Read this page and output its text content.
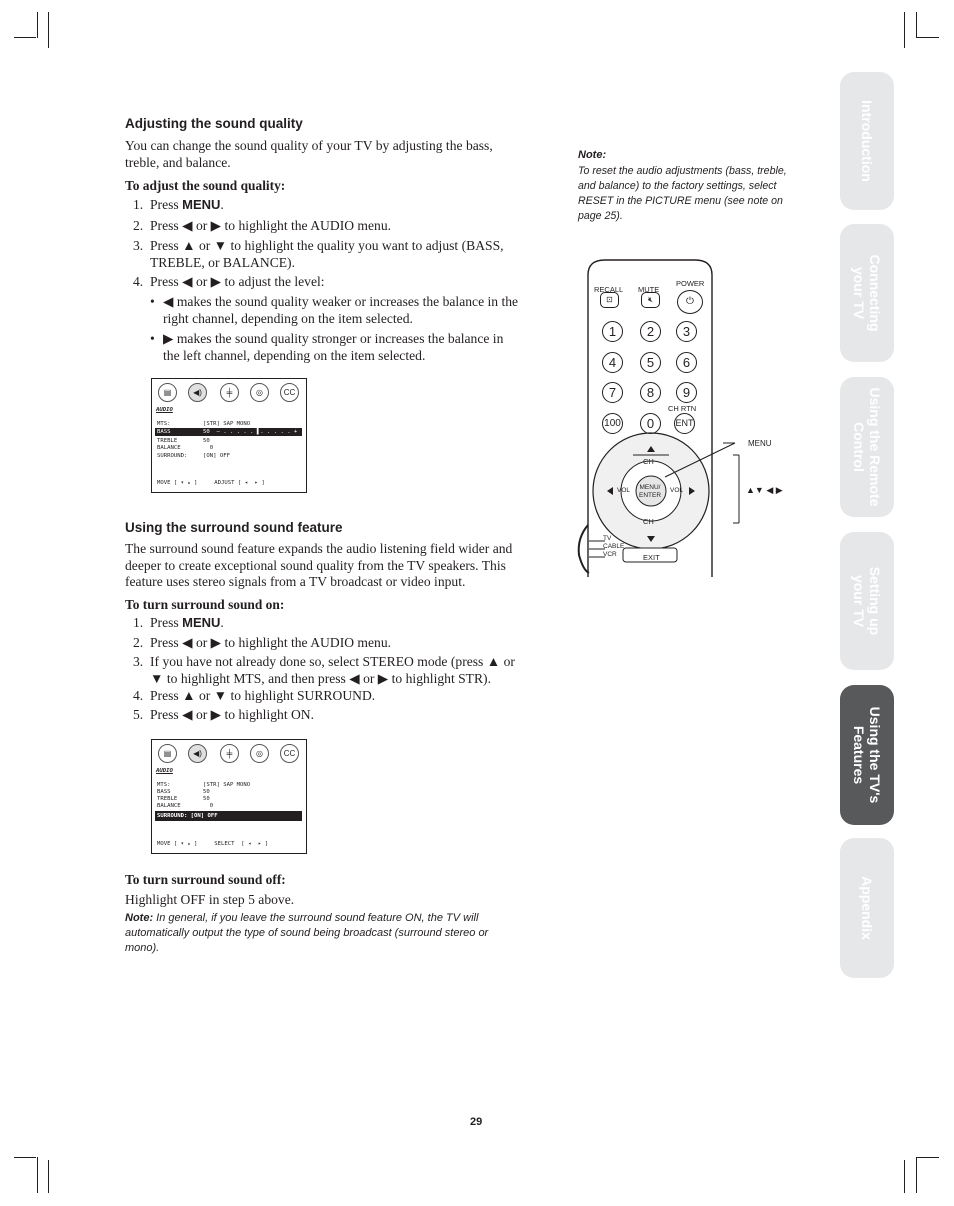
Adjusting the sound quality
You can change the sound quality of your TV by adjusting the bass, treble, and balance.
To adjust the sound quality:
1. Press MENU.
2. Press ◀ or ▶ to highlight the AUDIO menu.
3. Press ▲ or ▼ to highlight the quality you want to adjust (BASS, TREBLE, or BALANCE).
4. Press ◀ or ▶ to adjust the level:
• ◀ makes the sound quality weaker or increases the balance in the right channel, depending on the item selected.
• ▶ makes the sound quality stronger or increases the balance in the left channel, depending on the item selected.
▤	◀)	╪	◎	CC
AUDIO
MTS:	[STR] SAP MONO
BASS	50  – . . . . . ▌. . . . . +
TREBLE	50
BALANCE	0
SURROUND:	[ON] OFF
MOVE [ ▾ ▴ ]     ADJUST [ ◂  ▸ ]
Using the surround sound feature
The surround sound feature expands the audio listening field wider and deeper to create exceptional sound quality from the TV speakers. This feature uses stereo signals from a TV broadcast or video input.
To turn surround sound on:
1. Press MENU.
2. Press ◀ or ▶ to highlight the AUDIO menu.
3. If you have not already done so, select STEREO mode (press ▲ or ▼ to highlight MTS, and then press ◀ or ▶ to highlight STR).
4. Press ▲ or ▼ to highlight SURROUND.
5. Press ◀ or ▶ to highlight ON.
▤	◀)	╪	◎	CC
AUDIO
MTS:	[STR] SAP MONO
BASS	50
TREBLE	50
BALANCE	0
SURROUND: [ON] OFF
MOVE [ ▾ ▴ ]     SELECT  [ ◂  ▸ ]
To turn surround sound off:
Highlight OFF in step 5 above.
Note: In general, if you leave the surround sound feature ON, the TV will automatically output the type of sound being broadcast (surround stereo or mono).
Note:
To reset the audio adjustments (bass, treble, and balance) to the factory settings, select RESET in the PICTURE menu (see note on page 25).
RECALL MUTE
POWER
⊡	🔇︎	⏻
1	2	3
4	5	6
7	8	9
100	0	ENT
CH RTN
CH
CH
VOL	VOL
MENU/ ENTER
EXIT
TV
CABLE
VCR
MENU
▲▼ ◀ ▶
Introduction
Connecting your TV
Using the Remote Control
Setting up your TV
Using the TV's Features
Appendix
29
